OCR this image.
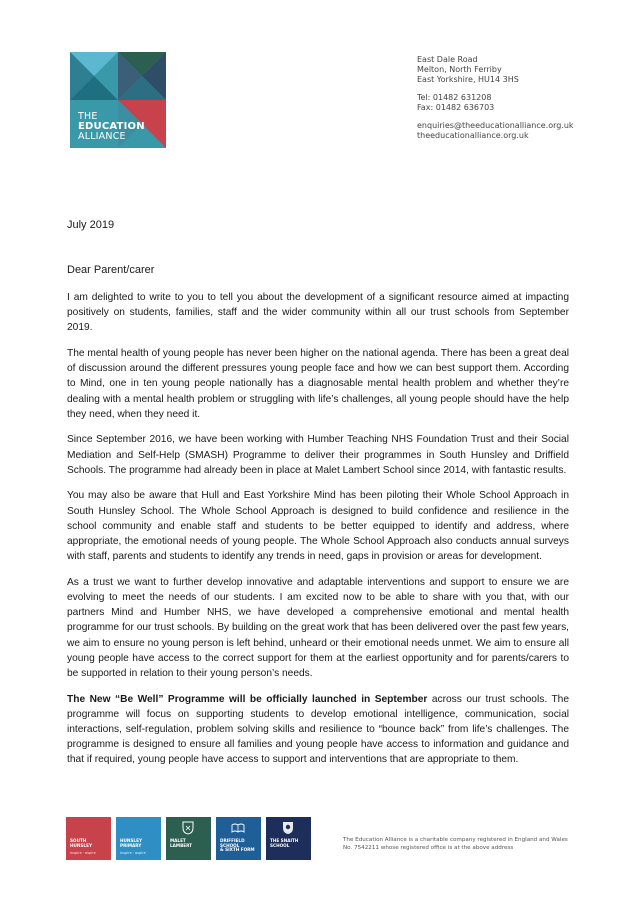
THE
EDUCATION
ALLIANCE
East Dale Road
Melton, North Ferriby
East Yorkshire, HU14 3HS
Tel: 01482 631208
Fax: 01482 636703
enquiries@theeducationalliance.org.uk
theeducationalliance.org.uk
July 2019
Dear Parent/carer

I am delighted to write to you to tell you about the development of a significant resource aimed at impacting positively on students, families, staff and the wider community within all our trust schools from September 2019.

The mental health of young people has never been higher on the national agenda. There has been a great deal of discussion around the different pressures young people face and how we can best support them. According to Mind, one in ten young people nationally has a diagnosable mental health problem and whether they’re dealing with a mental health problem or struggling with life’s challenges, all young people should have the help they need, when they need it.

Since September 2016, we have been working with Humber Teaching NHS Foundation Trust and their Social Mediation and Self-Help (SMASH) Programme to deliver their programmes in South Hunsley and Driffield Schools. The programme had already been in place at Malet Lambert School since 2014, with fantastic results.

You may also be aware that Hull and East Yorkshire Mind has been piloting their Whole School Approach in South Hunsley School. The Whole School Approach is designed to build confidence and resilience in the school community and enable staff and students to be better equipped to identify and address, where appropriate, the emotional needs of young people. The Whole School Approach also conducts annual surveys with staff, parents and students to identify any trends in need, gaps in provision or areas for development.

As a trust we want to further develop innovative and adaptable interventions and support to ensure we are evolving to meet the needs of our students. I am excited now to be able to share with you that, with our partners Mind and Humber NHS, we have developed a comprehensive emotional and mental health programme for our trust schools. By building on the great work that has been delivered over the past few years, we aim to ensure no young person is left behind, unheard or their emotional needs unmet. We aim to ensure all young people have access to the correct support for them at the earliest opportunity and for parents/carers to be supported in relation to their young person’s needs.

The New “Be Well” Programme will be officially launched in September across our trust schools. The programme will focus on supporting students to develop emotional intelligence, communication, social interactions, self-regulation, problem solving skills and resilience to “bounce back” from life’s challenges. The programme is designed to ensure all families and young people have access to information and guidance and that if required, young people have access to support and interventions that are appropriate to them.

SOUTH
HUNSLEY
inspire · aspire
HUNSLEY
PRIMARY
inspire · aspire
MALET
LAMBERT
DRIFFIELD
SCHOOL
& SIXTH FORM
THE SNAITH
SCHOOL
The Education Alliance is a charitable company registered in England and Wales No. 7542211 whose registered office is at the above address
